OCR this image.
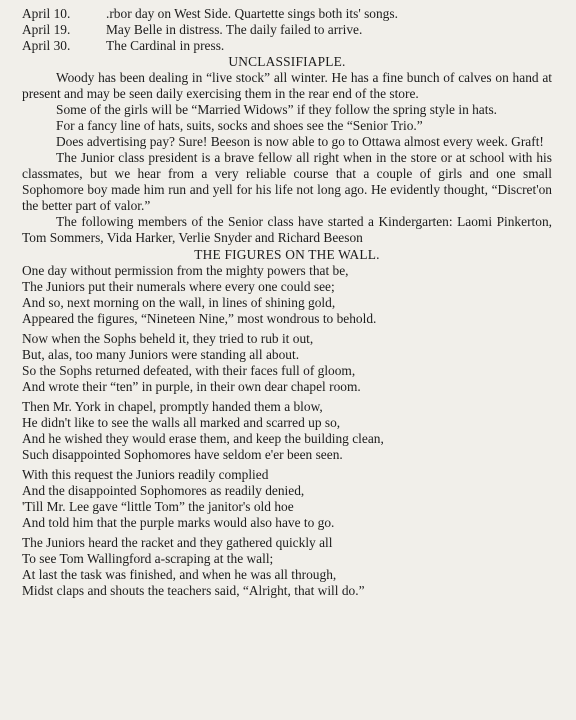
April 10.	.rbor day on West Side. Quartette sings both its' songs.
April 19.	May Belle in distress. The daily failed to arrive.
April 30.	The Cardinal in press.
UNCLASSIFIAPLE.
Woody has been dealing in “live stock” all winter. He has a fine bunch of calves on hand at present and may be seen daily exercising them in the rear end of the store.
Some of the girls will be “Married Widows” if they follow the spring style in hats.
For a fancy line of hats, suits, socks and shoes see the “Senior Trio.”
Does advertising pay? Sure! Beeson is now able to go to Ottawa almost every week. Graft!
The Junior class president is a brave fellow all right when in the store or at school with his classmates, but we hear from a very reliable course that a couple of girls and one small Sophomore boy made him run and yell for his life not long ago. He evidently thought, “Discret'on the better part of valor.”
The following members of the Senior class have started a Kindergarten: Laomi Pinkerton, Tom Sommers, Vida Harker, Verlie Snyder and Richard Beeson
THE FIGURES ON THE WALL.
One day without permission from the mighty powers that be,
The Juniors put their numerals where every one could see;
And so, next morning on the wall, in lines of shining gold,
Appeared the figures, “Nineteen Nine,” most wondrous to behold.
Now when the Sophs beheld it, they tried to rub it out,
But, alas, too many Juniors were standing all about.
So the Sophs returned defeated, with their faces full of gloom,
And wrote their “ten” in purple, in their own dear chapel room.
Then Mr. York in chapel, promptly handed them a blow,
He didn't like to see the walls all marked and scarred up so,
And he wished they would erase them, and keep the building clean,
Such disappointed Sophomores have seldom e'er been seen.
With this request the Juniors readily complied
And the disappointed Sophomores as readily denied,
'Till Mr. Lee gave “little Tom” the janitor's old hoe
And told him that the purple marks would also have to go.
The Juniors heard the racket and they gathered quickly all
To see Tom Wallingford a-scraping at the wall;
At last the task was finished, and when he was all through,
Midst claps and shouts the teachers said, “Alright, that will do.”
